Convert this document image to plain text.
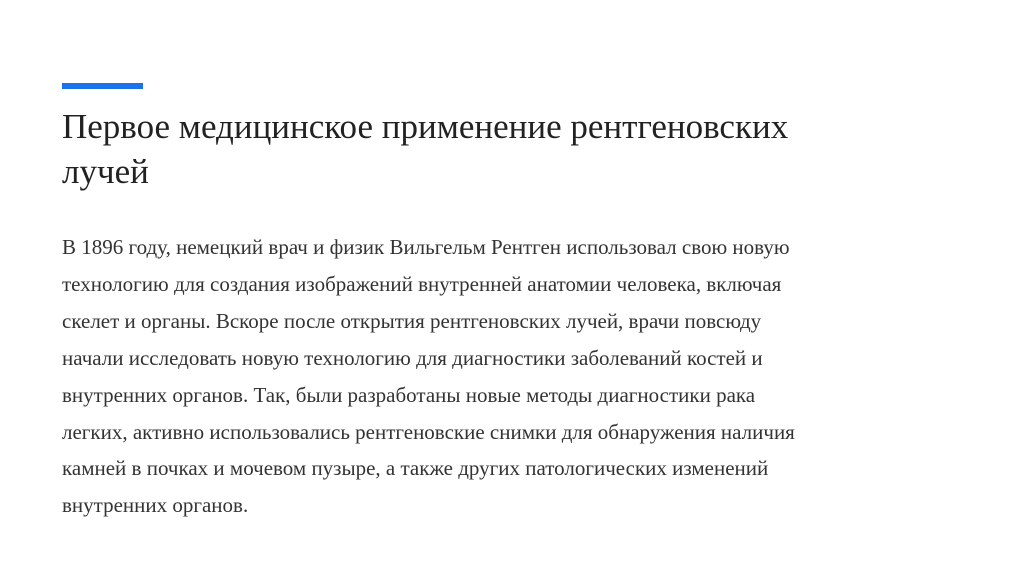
Первое медицинское применение рентгеновских
лучей

В 1896 году, немецкий врач и физик Вильгельм Рентген использовал свою новую
технологию для создания изображений внутренней анатомии человека, включая
скелет и органы. Вскоре после открытия рентгеновских лучей, врачи повсюду
начали исследовать новую технологию для диагностики заболеваний костей и
внутренних органов. Так, были разработаны новые методы диагностики рака
легких, активно использовались рентгеновские снимки для обнаружения наличия
камней в почках и мочевом пузыре, а также других патологических изменений
внутренних органов.
